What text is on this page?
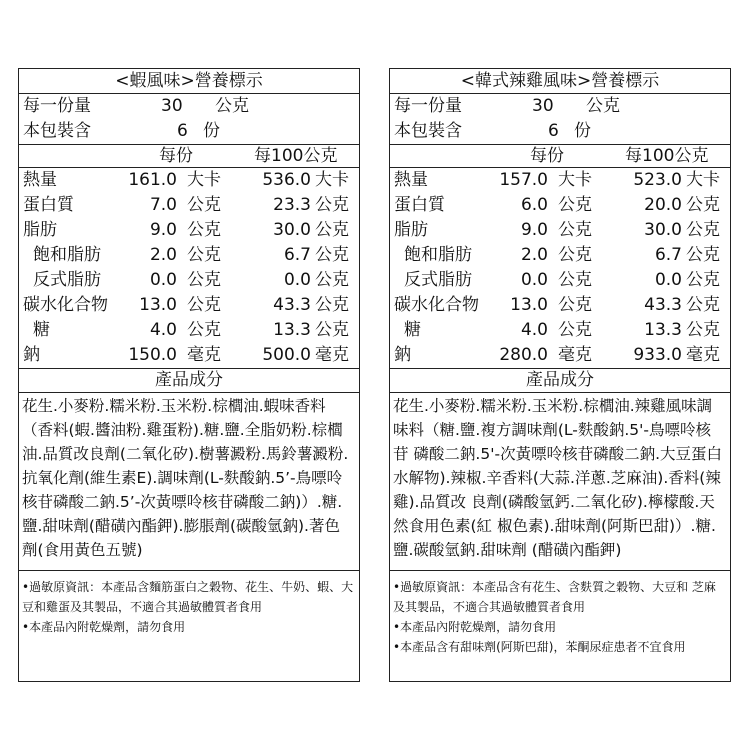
<蝦風味>營養標示
每一份量	30 公克
本包裝含	6 份
每份	每100公克
熱量	161.0 大卡 536.0 大卡
蛋白質	7.0 公克	23.3 公克
脂肪	9.0 公克	30.0 公克
飽和脂肪	2.0 公克	6.7 公克
反式脂肪	0.0 公克	0.0 公克
碳水化合物 13.0 公克	43.3 公克
糖	4.0 公克	13.3 公克
鈉	150.0 毫克 500.0 毫克
產品成分
花生.小麥粉.糯米粉.玉米粉.棕櫚油.蝦味香料（香料(蝦.醬油粉.雞蛋粉).糖.鹽.全脂奶粉.棕櫚油.品質改良劑(二氧化矽).樹薯澱粉.馬鈴薯澱粉.抗氧化劑(維生素E).調味劑(L-麩酸鈉.5’-鳥嘌呤核苷磷酸二鈉.5’-次黃嘌呤核苷磷酸二鈉)）.糖.鹽.甜味劑(醋磺內酯鉀).膨脹劑(碳酸氫鈉).著色劑(食用黃色五號)
•過敏原資訊：本產品含麵筋蛋白之穀物、花生、牛奶、蝦、大豆和雞蛋及其製品，不適合其過敏體質者食用
•本產品內附乾燥劑，請勿食用
<韓式辣雞風味>營養標示
每一份量	30 公克
本包裝含	6 份
每份	每100公克
熱量	157.0 大卡 523.0 大卡
蛋白質	6.0 公克	20.0 公克
脂肪	9.0 公克	30.0 公克
飽和脂肪	2.0 公克	6.7 公克
反式脂肪	0.0 公克	0.0 公克
碳水化合物 13.0 公克	43.3 公克
糖	4.0 公克	13.3 公克
鈉	280.0 毫克 933.0 毫克
產品成分
花生.小麥粉.糯米粉.玉米粉.棕櫚油.辣雞風味調味料（糖.鹽.複方調味劑(L-麩酸鈉.5'-鳥嘌呤核苷 磷酸二鈉.5'-次黃嘌呤核苷磷酸二鈉.大豆蛋白水解物).辣椒.辛香料(大蒜.洋蔥.芝麻油).香料(辣雞).品質改 良劑(磷酸氫鈣.二氧化矽).檸檬酸.天然食用色素(紅 椒色素).甜味劑(阿斯巴甜)）.糖.鹽.碳酸氫鈉.甜味劑 (醋磺內酯鉀)
•過敏原資訊：本產品含有花生、含麩質之穀物、大豆和 芝麻及其製品，不適合其過敏體質者食用
•本產品內附乾燥劑，請勿食用
•本產品含有甜味劑(阿斯巴甜)，苯酮尿症患者不宜食用
